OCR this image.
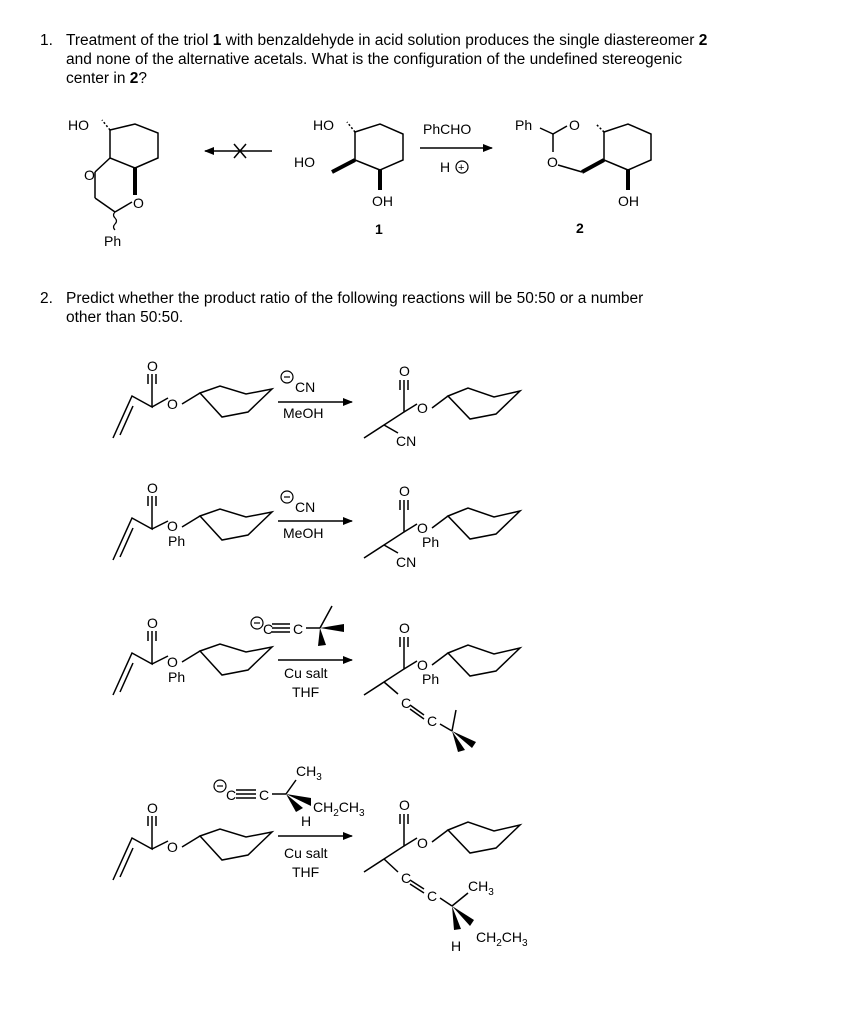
1. Treatment of the triol 1 with benzaldehyde in acid solution produces the single diastereomer 2
and none of the alternative acetals. What is the configuration of the undefined stereogenic
center in 2?
2. Predict whether the product ratio of the following reactions will be 50:50 or a number
other than 50:50.
HO
O
O
Ph
HO
HO
OH
1
PhCHO
H +
Ph	O
O
OH
2
O
O
CN
MeOH
O
O
CN
O
O
Ph
CN
MeOH
O
O
Ph
CN
O
O
Ph
C C
Cu salt
THF
O
O
Ph
C
C
O
O
C C
$CH_3$
$CH_2CH_3$
H
Cu salt
THF
O
O
C
C
$CH_3$
$CH_2CH_3$
H
